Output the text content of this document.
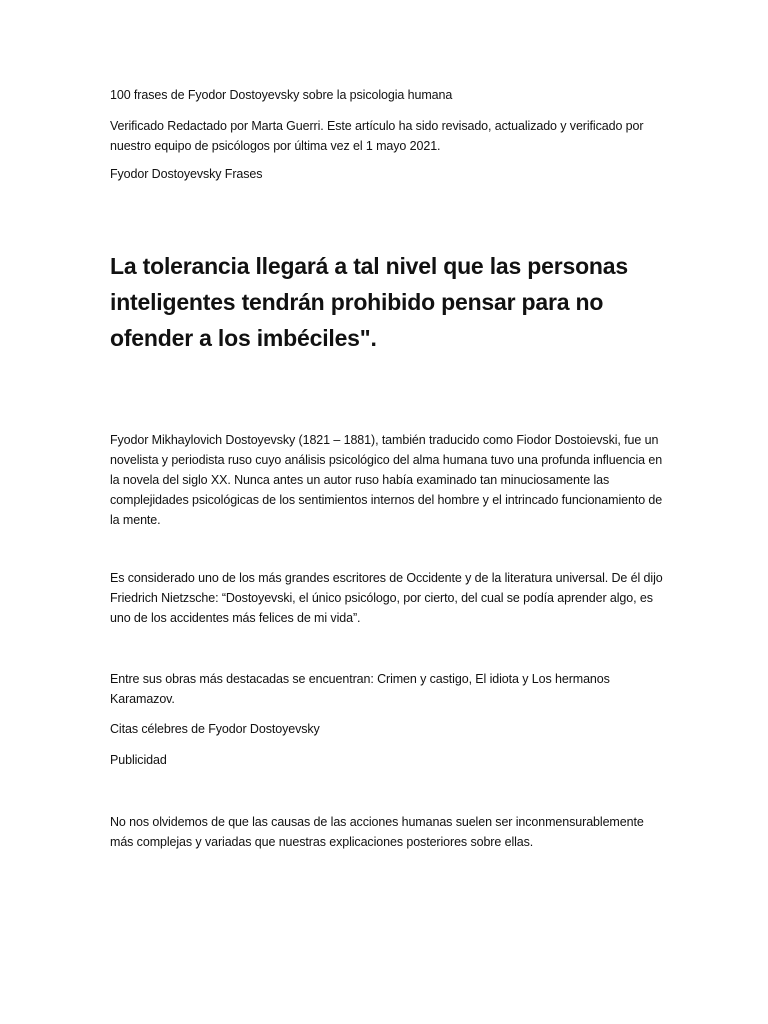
100 frases de Fyodor Dostoyevsky sobre la psicologia humana

Verificado Redactado por Marta Guerri. Este artículo ha sido revisado, actualizado y verificado por nuestro equipo de psicólogos por última vez el 1 mayo 2021.

Fyodor Dostoyevsky Frases

La tolerancia llegará a tal nivel que las personas inteligentes tendrán prohibido pensar para no ofender a los imbéciles".

Fyodor Mikhaylovich Dostoyevsky (1821 – 1881), también traducido como Fiodor Dostoievski, fue un novelista y periodista ruso cuyo análisis psicológico del alma humana tuvo una profunda influencia en la novela del siglo XX. Nunca antes un autor ruso había examinado tan minuciosamente las complejidades psicológicas de los sentimientos internos del hombre y el intrincado funcionamiento de la mente.

Es considerado uno de los más grandes escritores de Occidente y de la literatura universal. De él dijo Friedrich Nietzsche: “Dostoyevski, el único psicólogo, por cierto, del cual se podía aprender algo, es uno de los accidentes más felices de mi vida”.

Entre sus obras más destacadas se encuentran: Crimen y castigo, El idiota y Los hermanos Karamazov.

Citas célebres de Fyodor Dostoyevsky

Publicidad

No nos olvidemos de que las causas de las acciones humanas suelen ser inconmensurablemente más complejas y variadas que nuestras explicaciones posteriores sobre ellas.
